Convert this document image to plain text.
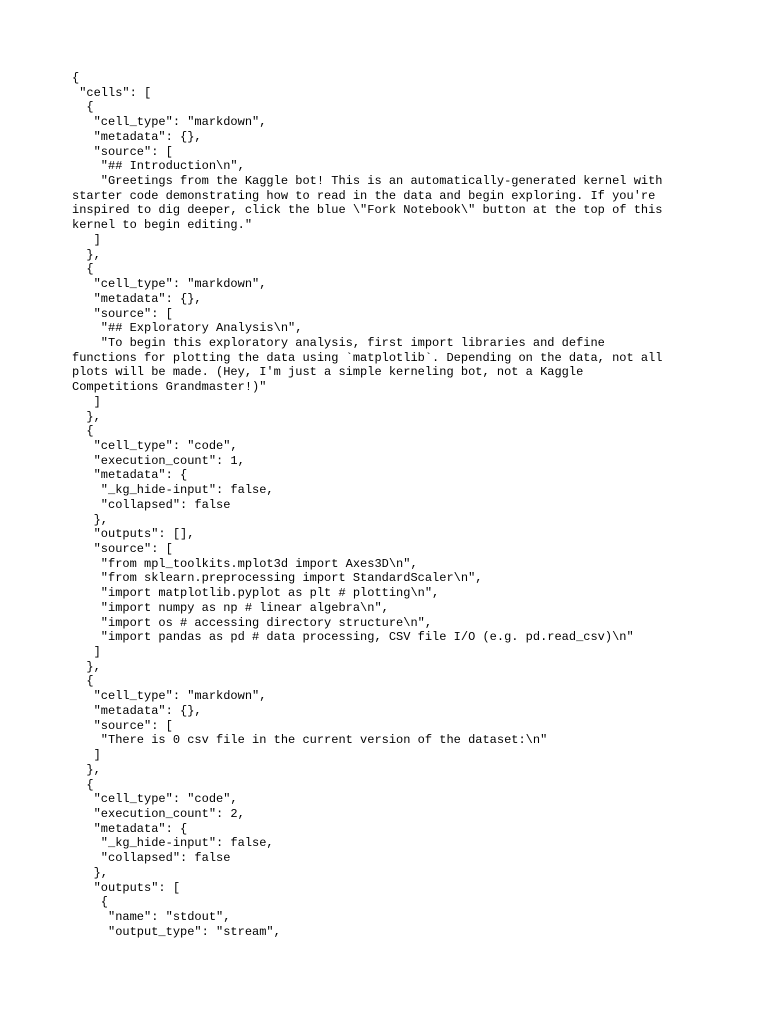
{
"cells": [
{
"cell_type": "markdown",
"metadata": {},
"source": [
"## Introduction\n",
"Greetings from the Kaggle bot! This is an automatically-generated kernel with
starter code demonstrating how to read in the data and begin exploring. If you're
inspired to dig deeper, click the blue \"Fork Notebook\" button at the top of this
kernel to begin editing."
]
},
{
"cell_type": "markdown",
"metadata": {},
"source": [
"## Exploratory Analysis\n",
"To begin this exploratory analysis, first import libraries and define
functions for plotting the data using `matplotlib`. Depending on the data, not all
plots will be made. (Hey, I'm just a simple kerneling bot, not a Kaggle
Competitions Grandmaster!)"
]
},
{
"cell_type": "code",
"execution_count": 1,
"metadata": {
"_kg_hide-input": false,
"collapsed": false
},
"outputs": [],
"source": [
"from mpl_toolkits.mplot3d import Axes3D\n",
"from sklearn.preprocessing import StandardScaler\n",
"import matplotlib.pyplot as plt # plotting\n",
"import numpy as np # linear algebra\n",
"import os # accessing directory structure\n",
"import pandas as pd # data processing, CSV file I/O (e.g. pd.read_csv)\n"
]
},
{
"cell_type": "markdown",
"metadata": {},
"source": [
"There is 0 csv file in the current version of the dataset:\n"
]
},
{
"cell_type": "code",
"execution_count": 2,
"metadata": {
"_kg_hide-input": false,
"collapsed": false
},
"outputs": [
{
"name": "stdout",
"output_type": "stream",
